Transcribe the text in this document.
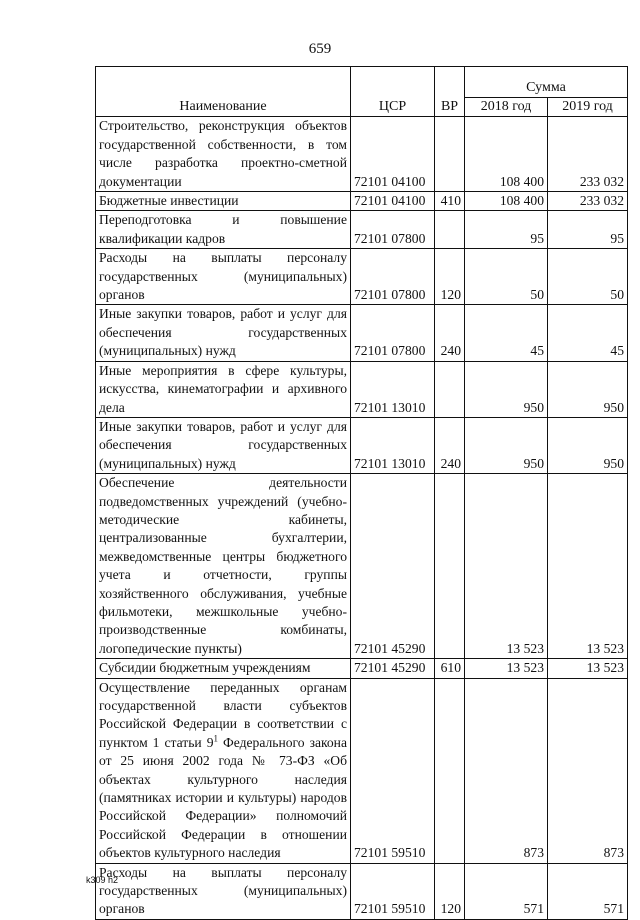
659
Наименование	ЦСР	ВР	Сумма	
			2018 год	2019 год
Строительство, реконструкция объектов государственной собственности, в том числе разработка проектно-сметной документации	72101 04100		108 400	233 032
Бюджетные инвестиции	72101 04100	410	108 400	233 032
Переподготовка и повышение квалификации кадров	72101 07800		95	95
Расходы на выплаты персоналу государственных (муниципальных) органов	72101 07800	120	50	50
Иные закупки товаров, работ и услуг для обеспечения государственных (муниципальных) нужд	72101 07800	240	45	45
Иные мероприятия в сфере культуры, искусства, кинематографии и архивного дела	72101 13010		950	950
Иные закупки товаров, работ и услуг для обеспечения государственных (муниципальных) нужд	72101 13010	240	950	950
Обеспечение деятельности подведомственных учреждений (учебно-методические кабинеты, централизованные бухгалтерии, межведомственные центры бюджетного учета и отчетности, группы хозяйственного обслуживания, учебные фильмотеки, межшкольные учебно-производственные комбинаты, логопедические пункты)	72101 45290		13 523	13 523
Субсидии бюджетным учреждениям	72101 45290	610	13 523	13 523
Осуществление переданных органам государственной власти субъектов Российской Федерации в соответствии с пунктом 1 статьи $9^1$ Федерального закона от 25 июня 2002 года № 73-ФЗ «Об объектах культурного наследия (памятниках истории и культуры) народов Российской Федерации» полномочий Российской Федерации в отношении объектов культурного наследия	72101 59510		873	873
Расходы на выплаты персоналу государственных (муниципальных) органов	72101 59510	120	571	571
k309 h2
